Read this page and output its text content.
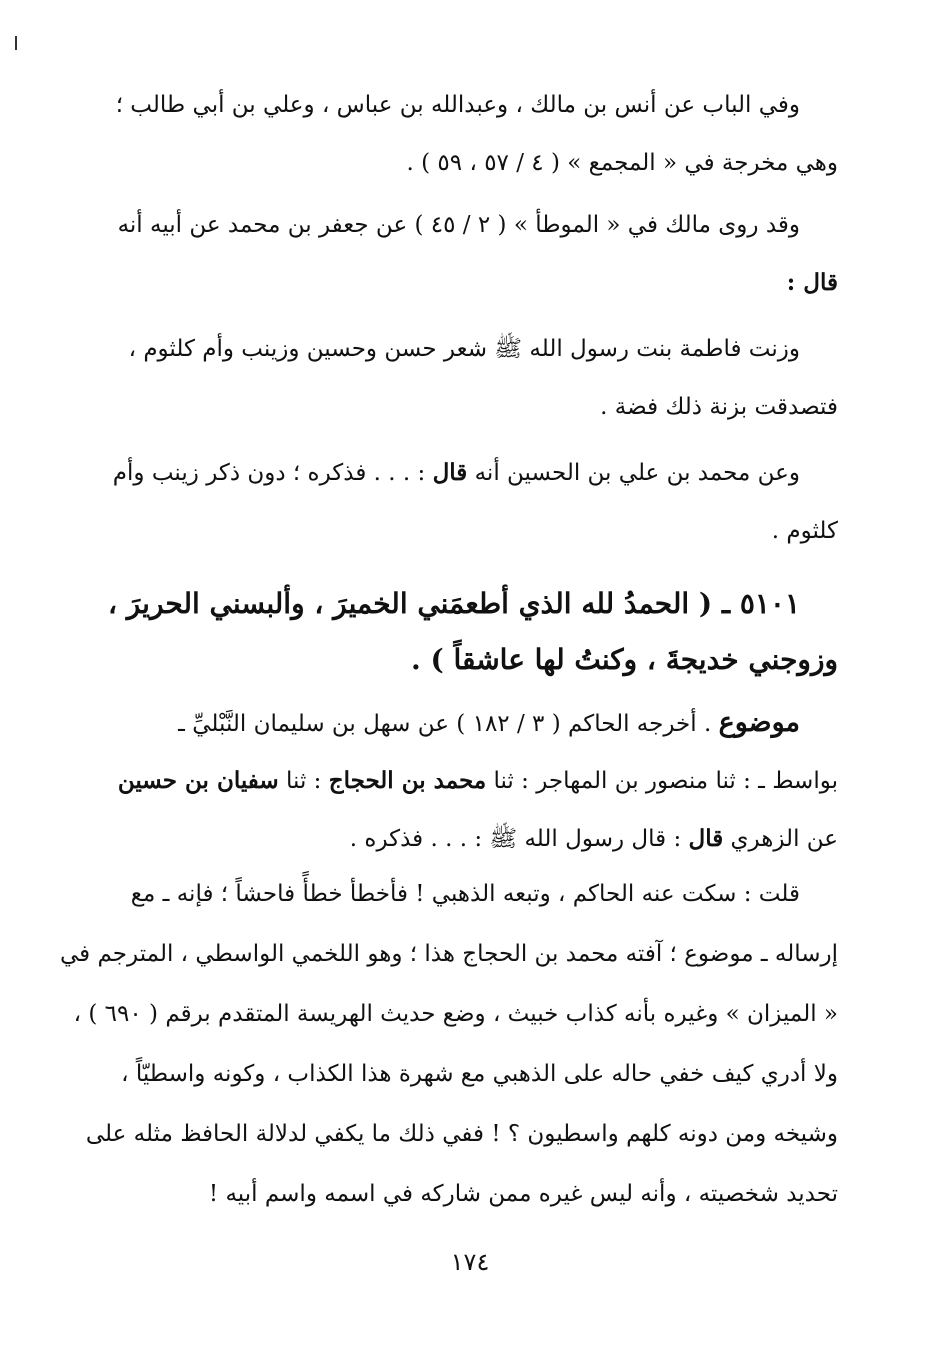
وفي الباب عن أنس بن مالك ، وعبدالله بن عباس ، وعلي بن أبي طالب ؛
وهي مخرجة في « المجمع » ( ٤ / ٥٧ ، ٥٩ ) .
وقد روى مالك في « الموطأ » ( ٢ / ٤٥ ) عن جعفر بن محمد عن أبيه أنه
قال :
وزنت فاطمة بنت رسول الله ﷺ شعر حسن وحسين وزينب وأم كلثوم ،
فتصدقت بزنة ذلك فضة .
وعن محمد بن علي بن الحسين أنه قال : . . . فذكره ؛ دون ذكر زينب وأم
كلثوم .
٥١٠١ ـ ( الحمدُ لله الذي أطعمَني الخميرَ ، وألبسني الحريرَ ،
وزوجني خديجةَ ، وكنتُ لها عاشقاً ) .
موضوع . أخرجه الحاكم ( ٣ / ١٨٢ ) عن سهل بن سليمان النَّبْليِّ ـ
بواسط ـ : ثنا منصور بن المهاجر : ثنا محمد بن الحجاج : ثنا سفيان بن حسين
عن الزهري قال : قال رسول الله ﷺ : . . . فذكره .
قلت : سكت عنه الحاكم ، وتبعه الذهبي ! فأخطأ خطأً فاحشاً ؛ فإنه ـ مع
إرساله ـ موضوع ؛ آفته محمد بن الحجاج هذا ؛ وهو اللخمي الواسطي ، المترجم في
« الميزان » وغيره بأنه كذاب خبيث ، وضع حديث الهريسة المتقدم برقم ( ٦٩٠ ) ،
ولا أدري كيف خفي حاله على الذهبي مع شهرة هذا الكذاب ، وكونه واسطيّاً ،
وشيخه ومن دونه كلهم واسطيون ؟ ! ففي ذلك ما يكفي لدلالة الحافظ مثله على
تحديد شخصيته ، وأنه ليس غيره ممن شاركه في اسمه واسم أبيه !
١٧٤
